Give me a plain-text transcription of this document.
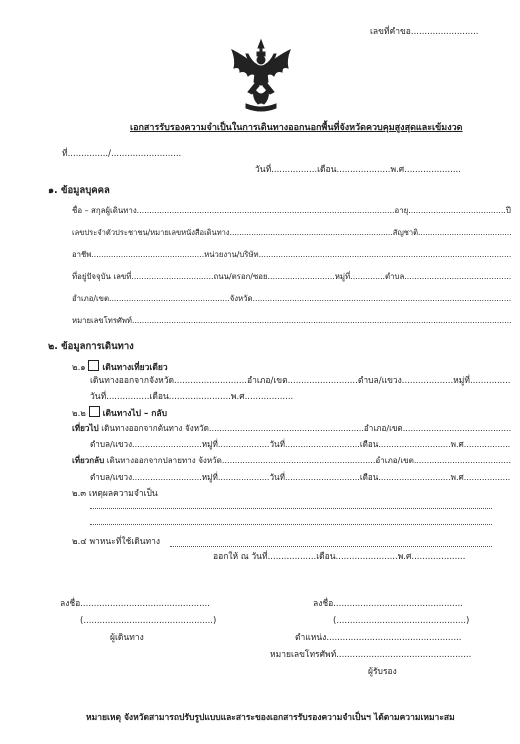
เลขที่คำขอ.........................
เอกสารรับรองความจำเป็นในการเดินทางออกนอกพื้นที่จังหวัดควบคุมสูงสุดและเข้มงวด
ที่.............../..........................
วันที่.................เดือน....................พ.ศ.....................
๑. ข้อมูลบุคคล
ชื่อ – สกุลผู้เดินทาง.......................................................................................................อายุ.......................................ปี
เลขประจำตัวประชาชน/หมายเลขหนังสือเดินทาง....................................................................สัญชาติ.......................................
อาชีพ..............................................หน่วยงาน/บริษัท.......................................................................................................
ที่อยู่ปัจจุบัน เลขที่.................................ถนน/ตรอก/ซอย...........................หมู่ที่..............ตำบล...........................................
อำเภอ/เขต.................................................จังหวัด.........................................................................................................
หมายเลขโทรศัพท์...........................................................................................................................................................
๒. ข้อมูลการเดินทาง
๒.๑ เดินทางเที่ยวเดียว
เดินทางออกจากจังหวัด...........................อำเภอ/เขต..........................ตำบล/แขวง...................หมู่ที่...............
วันที่................เดือน.......................พ.ศ..................
๒.๒ เดินทางไป – กลับ
เที่ยวไป เดินทางออกจากต้นทาง จังหวัด............................................................อำเภอ/เขต..........................................
ตำบล/แขวง...........................หมู่ที่....................วันที่.............................เดือน............................พ.ศ..................
เที่ยวกลับ เดินทางออกจากปลายทาง จังหวัด............................................................อำเภอ/เขต......................................
ตำบล/แขวง...........................หมู่ที่....................วันที่.............................เดือน............................พ.ศ..................
๒.๓ เหตุผลความจำเป็น
๒.๔ พาหนะที่ใช้เดินทาง
ออกให้ ณ วันที่..................เดือน.......................พ.ศ....................
ลงชื่อ................................................
(................................................)
ผู้เดินทาง
ลงชื่อ................................................
(................................................)
ตำแหน่ง..................................................
หมายเลขโทรศัพท์..................................................
ผู้รับรอง
หมายเหตุ จังหวัดสามารถปรับรูปแบบและสาระของเอกสารรับรองความจำเป็นฯ ได้ตามความเหมาะสม
